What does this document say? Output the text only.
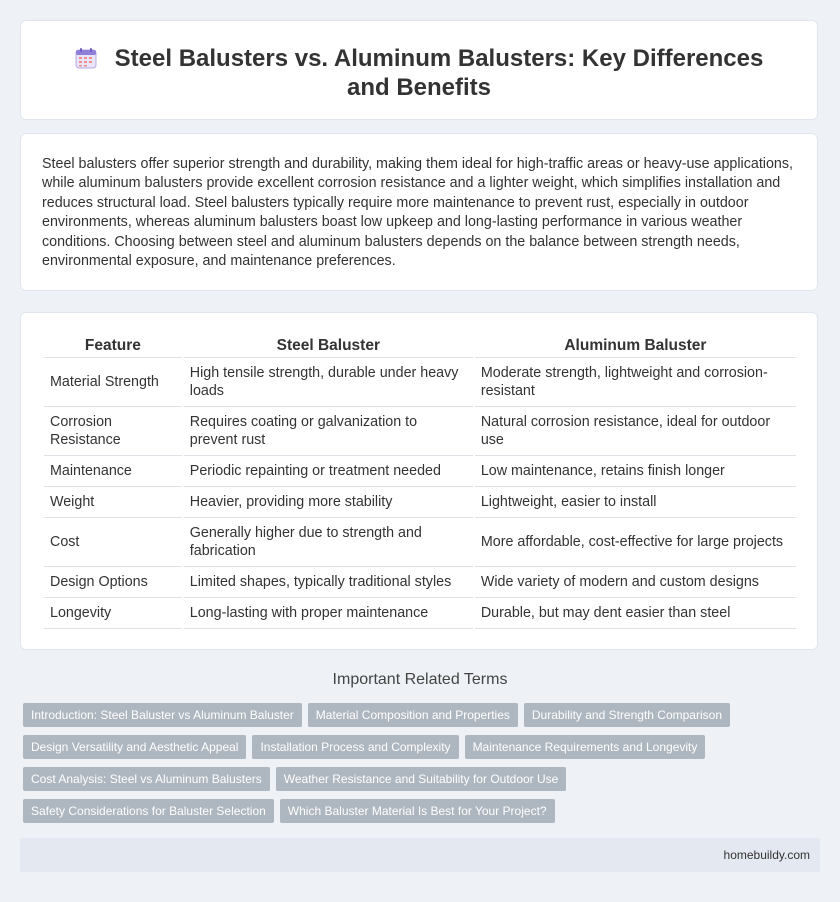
Steel Balusters vs. Aluminum Balusters: Key Differences and Benefits

Steel balusters offer superior strength and durability, making them ideal for high-traffic areas or heavy-use applications, while aluminum balusters provide excellent corrosion resistance and a lighter weight, which simplifies installation and reduces structural load. Steel balusters typically require more maintenance to prevent rust, especially in outdoor environments, whereas aluminum balusters boast low upkeep and long-lasting performance in various weather conditions. Choosing between steel and aluminum balusters depends on the balance between strength needs, environmental exposure, and maintenance preferences.

Feature	Steel Baluster	Aluminum Baluster
Material Strength	High tensile strength, durable under heavy loads	Moderate strength, lightweight and corrosion-resistant
Corrosion Resistance	Requires coating or galvanization to prevent rust	Natural corrosion resistance, ideal for outdoor use
Maintenance	Periodic repainting or treatment needed	Low maintenance, retains finish longer
Weight	Heavier, providing more stability	Lightweight, easier to install
Cost	Generally higher due to strength and fabrication	More affordable, cost-effective for large projects
Design Options	Limited shapes, typically traditional styles	Wide variety of modern and custom designs
Longevity	Long-lasting with proper maintenance	Durable, but may dent easier than steel
Important Related Terms
Introduction: Steel Baluster vs Aluminum Baluster Material Composition and Properties Durability and Strength Comparison
Design Versatility and Aesthetic Appeal Installation Process and Complexity Maintenance Requirements and Longevity
Cost Analysis: Steel vs Aluminum Balusters Weather Resistance and Suitability for Outdoor Use
Safety Considerations for Baluster Selection Which Baluster Material Is Best for Your Project?
homebuildy.com
